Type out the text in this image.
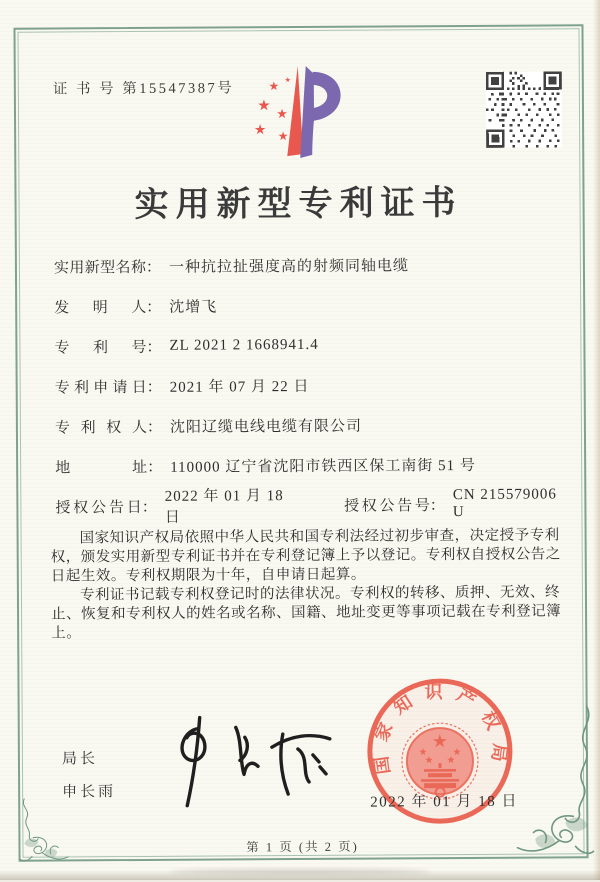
证 书 号 第15547387号	★ ★
★ ★
★ ★
实用新型专利证书
实用新型名称 ： 一种抗拉扯强度高的射频同轴电缆
发明人 ： 沈增飞
专利号 ： ZL 2021 2 1668941.4
专利申请日 ： 2021 年 07 月 22 日
专利权人 ： 沈阳辽缆电线电缆有限公司
地址 ： 110000 辽宁省沈阳市铁西区保工南街 51 号
授权公告日 ：
2022 年 01 月 18 日
授权公告号 ：
CN 215579006 U

国家知识产权局依照中华人民共和国专利法经过初步审查，决定授予专利权，颁发实用新型专利证书并在专利登记簿上予以登记。专利权自授权公告之日起生效。专利权期限为十年，自申请日起算。

专利证书记载专利权登记时的法律状况。专利权的转移、质押、无效、终止、恢复和专利权人的姓名或名称、国籍、地址变更等事项记载在专利登记簿上。

局长
申长雨
国家知识产权局
★
★ ★
★ ★
2022 年 01 月 18 日
第 1 页 (共 2 页)
